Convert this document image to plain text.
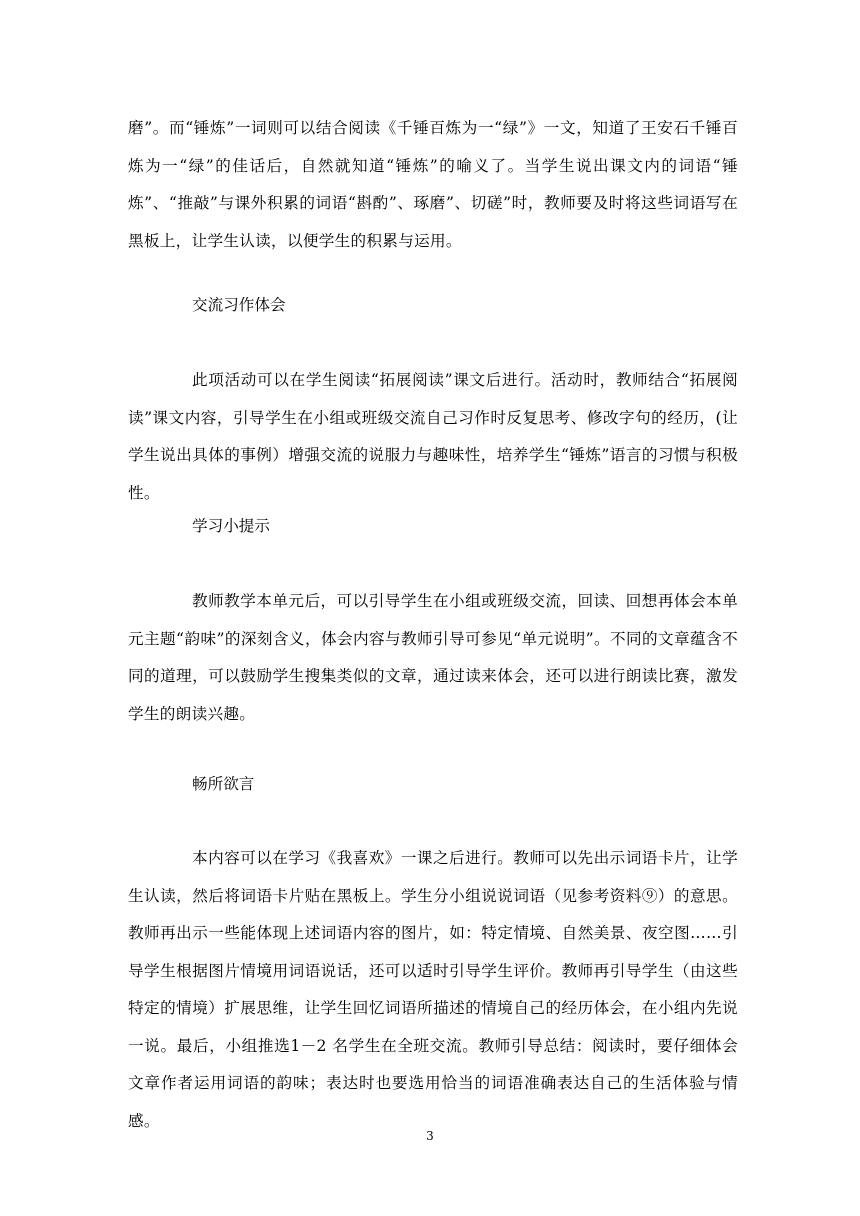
磨”。而“锤炼”一词则可以结合阅读《千锤百炼为一“绿”》一文，知道了王安石千锤百炼为一“绿”的佳话后，自然就知道“锤炼”的喻义了。当学生说出课文内的词语“锤炼”、“推敲”与课外积累的词语“斟酌”、琢磨”、切磋”时，教师要及时将这些词语写在黑板上，让学生认读，以便学生的积累与运用。

交流习作体会

此项活动可以在学生阅读“拓展阅读”课文后进行。活动时，教师结合“拓展阅读”课文内容，引导学生在小组或班级交流自己习作时反复思考、修改字句的经历，(让学生说出具体的事例）增强交流的说服力与趣味性，培养学生“锤炼”语言的习惯与积极性。

学习小提示

教师教学本单元后，可以引导学生在小组或班级交流，回读、回想再体会本单元主题“韵味”的深刻含义，体会内容与教师引导可参见“单元说明”。不同的文章蕴含不同的道理，可以鼓励学生搜集类似的文章，通过读来体会，还可以进行朗读比赛，激发学生的朗读兴趣。

畅所欲言

本内容可以在学习《我喜欢》一课之后进行。教师可以先出示词语卡片，让学生认读，然后将词语卡片贴在黑板上。学生分小组说说词语（见参考资料⑨）的意思。教师再出示一些能体现上述词语内容的图片，如：特定情境、自然美景、夜空图……引导学生根据图片情境用词语说话，还可以适时引导学生评价。教师再引导学生（由这些特定的情境）扩展思维，让学生回忆词语所描述的情境自己的经历体会，在小组内先说一说。最后，小组推选1－2 名学生在全班交流。教师引导总结：阅读时，要仔细体会文章作者运用词语的韵味；表达时也要选用恰当的词语准确表达自己的生活体验与情感。

3
